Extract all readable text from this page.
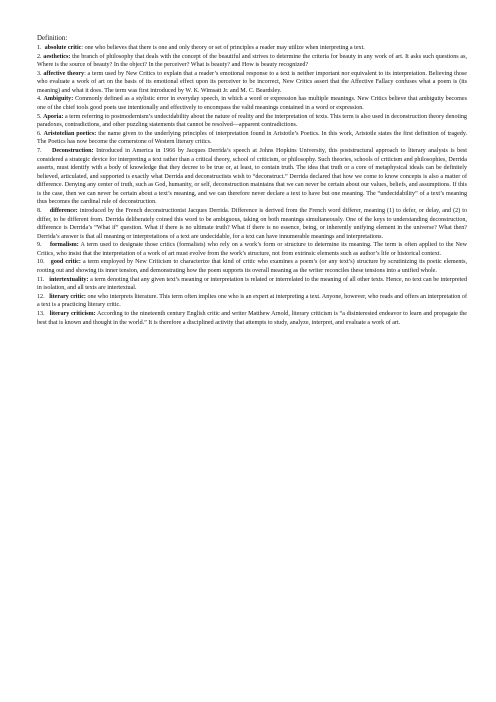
Definition:

1. absolute critic: one who believes that there is one and only theory or set of principles a reader may utilize when interpreting a text.

2. aesthetics: the branch of philosophy that deals with the concept of the beautiful and strives to determine the criteria for beauty in any work of art. It asks such questions as, Where is the source of beauty? In the object? In the perceiver? What is beauty? and How is beauty recognized?

3. affective theory: a term used by New Critics to explain that a reader’s emotional response to a text is neither important nor equivalent to its interpretation. Believing those who evaluate a work of art on the basis of its emotional effect upon its perceiver to be incorrect, New Critics assert that the Affective Fallacy confuses what a poem is (its meaning) and what it does. The term was first introduced by W. K. Wimsatt Jr. and M. C. Beardsley.

4. Ambiguity: Commonly defined as a stylistic error in everyday speech, in which a word or expression has multiple meanings. New Critics believe that ambiguity becomes one of the chief tools good poets use intentionally and effectively to encompass the valid meanings contained in a word or expression.

5. Aporia: a term referring to postmodernism’s undecidability about the nature of reality and the interpretation of texts. This term is also used in deconstruction theory denoting paradoxes, contradictions, and other puzzling statements that cannot be resolved—apparent contradictions.

6. Aristotelian poetics: the name given to the underlying principles of interpretation found in Aristotle’s Poetics. In this work, Aristotle states the first definition of tragedy. The Poetics has now become the cornerstone of Western literary critics.

7. Deconstruction: Introduced in America in 1966 by Jacques Derrida’s speech at Johns Hopkins University, this poststructural approach to literary analysis is best considered a strategic device for interpreting a text rather than a critical theory, school of criticism, or philosophy. Such theories, schools of criticism and philosophies, Derrida asserts, must identify with a body of knowledge that they decree to be true or, at least, to contain truth. The idea that truth or a core of metaphysical ideals can be definitely believed, articulated, and supported is exactly what Derrida and deconstructists wish to “deconstruct.” Derrida declared that how we come to know concepts is also a matter of difference. Denying any center of truth, such as God, humanity, or self, deconstruction maintains that we can never be certain about our values, beliefs, and assumptions. If this is the case, then we can never be certain about a text’s meaning, and we can therefore never declare a text to have but one meaning. The “undecidability” of a text’s meaning thus becomes the cardinal rule of deconstruction.

8. difference: introduced by the French deconstructionist Jacques Derrida. Difference is derived from the French word differer, meaning (1) to defer, or delay, and (2) to differ, to be different from. Derrida deliberately coined this word to be ambiguous, taking on both meanings simultaneously. One of the keys to understanding deconstruction, difference is Derrida’s “What if” question. What if there is no ultimate truth? What if there is no essence, being, or inherently unifying element in the universe? What then? Derrida’s answer is that all meaning or interpretations of a text are undecidable, for a text can have innumerable meanings and interpretations.

9. formalism: A term used to designate those critics (formalists) who rely on a work’s form or structure to determine its meaning. The term is often applied to the New Critics, who insist that the interpretation of a work of art must evolve from the work’s structure, not from extrinsic elements such as author’s life or historical context.

10. good critic: a term employed by New Criticism to characterize that kind of critic who examines a poem’s (or any text’s) structure by scrutinizing its poetic elements, rooting out and showing its inner tension, and demonstrating how the poem supports its overall meaning as the writer reconciles these tensions into a unified whole.

11. intertextuality: a term denoting that any given text’s meaning or interpretation is related or interrelated to the meaning of all other texts. Hence, no text can be interpreted in isolation, and all texts are intertextual.

12. literary critic: one who interprets literature. This term often implies one who is an expert at interpreting a text. Anyone, however, who reads and offers an interpretation of a text is a practicing literary critic.

13. literary criticism: According to the nineteenth century English critic and writer Matthew Arnold, literary criticism is “a disinterested endeavor to learn and propagate the best that is known and thought in the world.” It is therefore a disciplined activity that attempts to study, analyze, interpret, and evaluate a work of art.
